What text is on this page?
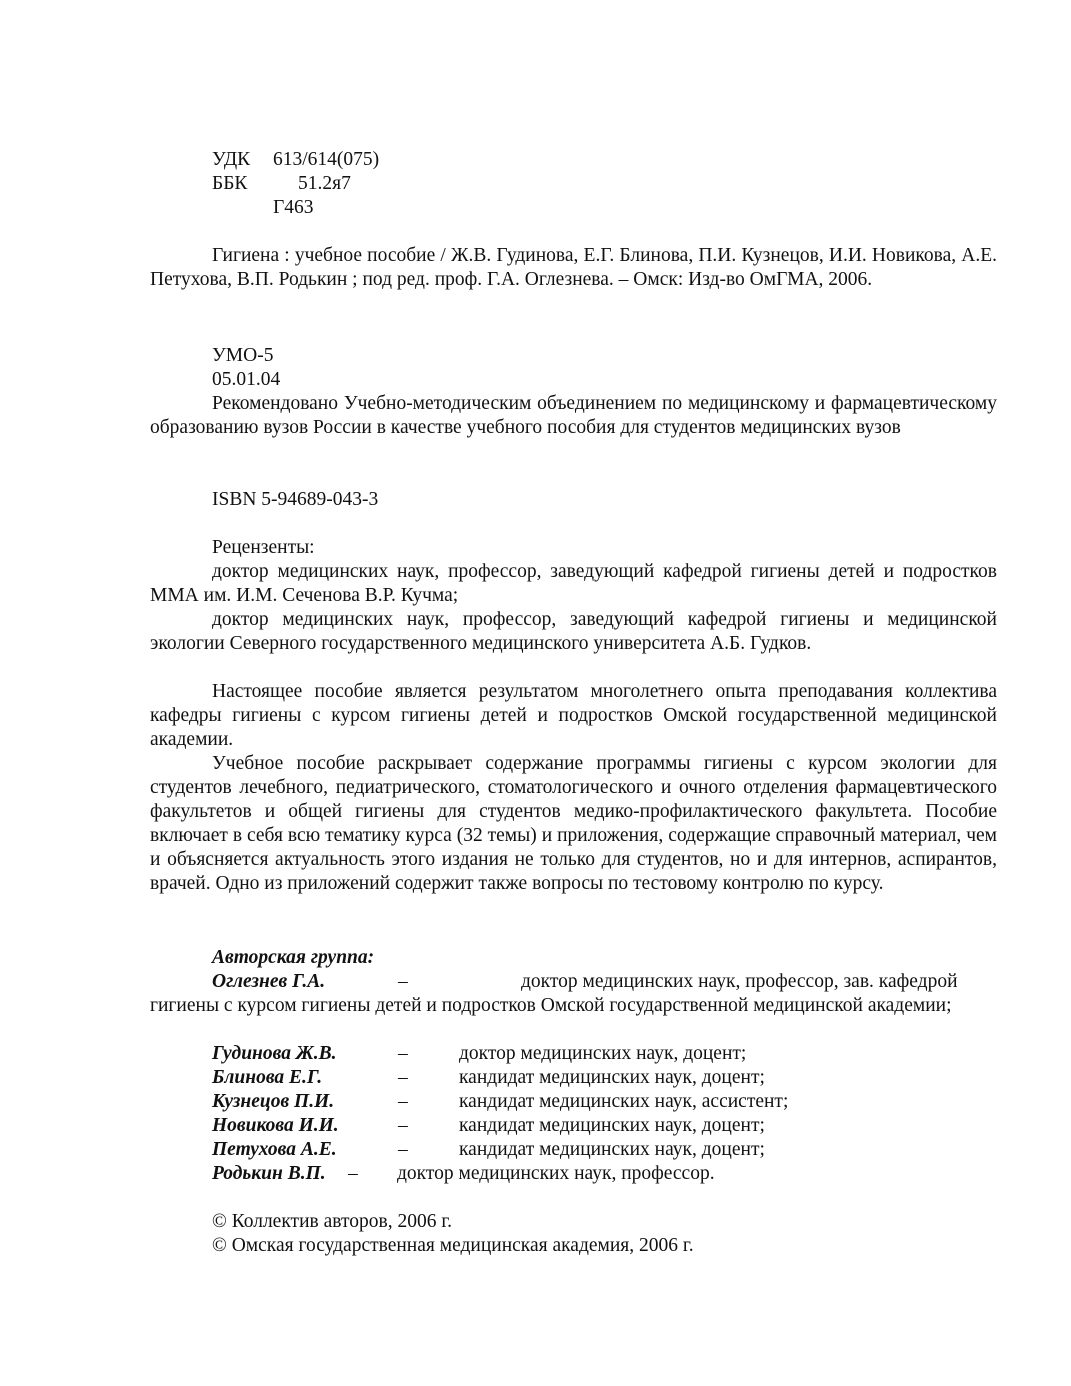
УДК 613/614(075)
ББК	51.2я7
Г463

Гигиена : учебное пособие / Ж.В. Гудинова, Е.Г. Блинова, П.И. Кузнецов, И.И. Новикова, А.Е. Петухова, В.П. Родькин ; под ред. проф. Г.А. Оглезнева. – Омск: Изд-во ОмГМА, 2006.

УМО-5
05.01.04

Рекомендовано Учебно-методическим объединением по медицинскому и фармацевтическому образованию вузов России в качестве учебного пособия для студентов медицинских вузов

ISBN 5-94689-043-3
Рецензенты:

доктор медицинских наук, профессор, заведующий кафедрой гигиены детей и подростков ММА им. И.М. Сеченова В.Р. Кучма;

доктор медицинских наук, профессор, заведующий кафедрой гигиены и медицинской экологии Северного государственного медицинского университета А.Б. Гудков.

Настоящее пособие является результатом многолетнего опыта преподавания коллектива кафедры гигиены с курсом гигиены детей и подростков Омской государственной медицинской академии.

Учебное пособие раскрывает содержание программы гигиены с курсом экологии для студентов лечебного, педиатрического, стоматологического и очного отделения фармацевтического факультетов и общей гигиены для студентов медико-профилактического факультета. Пособие включает в себя всю тематику курса (32 темы) и приложения, содержащие справочный материал, чем и объясняется актуальность этого издания не только для студентов, но и для интернов, аспирантов, врачей. Одно из приложений содержит также вопросы по тестовому контролю по курсу.

Авторская группа:
Оглезнев Г.А.	–	доктор медицинских наук, профессор, зав. кафедрой

гигиены с курсом гигиены детей и подростков Омской государственной медицинской академии;

Гудинова Ж.В.	–	доктор медицинских наук, доцент;
Блинова Е.Г.	–	кандидат медицинских наук, доцент;
Кузнецов П.И.	–	кандидат медицинских наук, ассистент;
Новикова И.И.	–	кандидат медицинских наук, доцент;
Петухова А.Е.	–	кандидат медицинских наук, доцент;
Родькин В.П. – доктор медицинских наук, профессор.
© Коллектив авторов, 2006 г.
© Омская государственная медицинская академия, 2006 г.
